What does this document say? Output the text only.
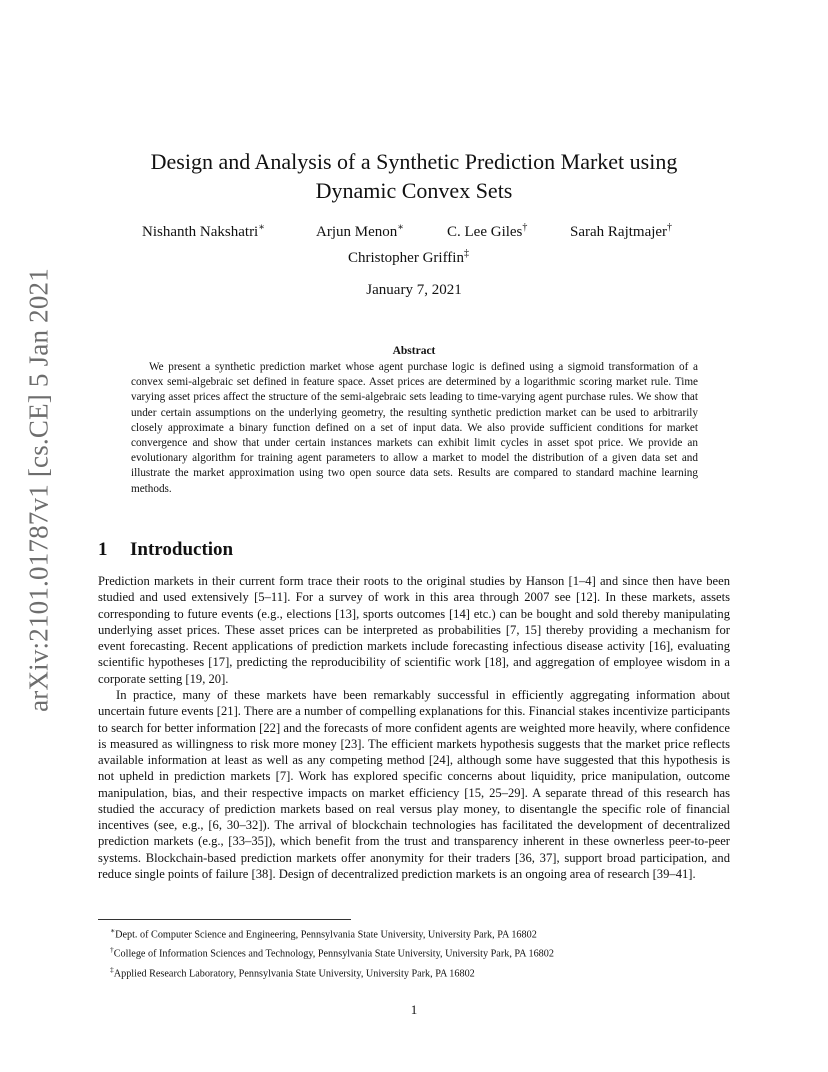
arXiv:2101.01787v1 [cs.CE] 5 Jan 2021
Design and Analysis of a Synthetic Prediction Market using
Dynamic Convex Sets
Nishanth Nakshatri∗	Arjun Menon∗	C. Lee Giles†	Sarah Rajtmajer†
Christopher Griffin‡
January 7, 2021
Abstract

We present a synthetic prediction market whose agent purchase logic is defined using a sigmoid transformation of a convex semi-algebraic set defined in feature space. Asset prices are determined by a logarithmic scoring market rule. Time varying asset prices affect the structure of the semi-algebraic sets leading to time-varying agent purchase rules. We show that under certain assumptions on the underlying geometry, the resulting synthetic prediction market can be used to arbitrarily closely approximate a binary function defined on a set of input data. We also provide sufficient conditions for market convergence and show that under certain instances markets can exhibit limit cycles in asset spot price. We provide an evolutionary algorithm for training agent parameters to allow a market to model the distribution of a given data set and illustrate the market approximation using two open source data sets. Results are compared to standard machine learning methods.

1 Introduction

Prediction markets in their current form trace their roots to the original studies by Hanson [1–4] and since then have been studied and used extensively [5–11]. For a survey of work in this area through 2007 see [12]. In these markets, assets corresponding to future events (e.g., elections [13], sports outcomes [14] etc.) can be bought and sold thereby manipulating underlying asset prices. These asset prices can be interpreted as probabilities [7, 15] thereby providing a mechanism for event forecasting. Recent applications of prediction markets include forecasting infectious disease activity [16], evaluating scientific hypotheses [17], predicting the reproducibility of scientific work [18], and aggregation of employee wisdom in a corporate setting [19, 20].

In practice, many of these markets have been remarkably successful in efficiently aggregating information about uncertain future events [21]. There are a number of compelling explanations for this. Financial stakes incentivize participants to search for better information [22] and the forecasts of more confident agents are weighted more heavily, where confidence is measured as willingness to risk more money [23]. The efficient markets hypothesis suggests that the market price reflects available information at least as well as any competing method [24], although some have suggested that this hypothesis is not upheld in prediction markets [7]. Work has explored specific concerns about liquidity, price manipulation, outcome manipulation, bias, and their respective impacts on market efficiency [15, 25–29]. A separate thread of this research has studied the accuracy of prediction markets based on real versus play money, to disentangle the specific role of financial incentives (see, e.g., [6, 30–32]). The arrival of blockchain technologies has facilitated the development of decentralized prediction markets (e.g., [33–35]), which benefit from the trust and transparency inherent in these ownerless peer-to-peer systems. Blockchain-based prediction markets offer anonymity for their traders [36, 37], support broad participation, and reduce single points of failure [38]. Design of decentralized prediction markets is an ongoing area of research [39–41].

∗Dept. of Computer Science and Engineering, Pennsylvania State University, University Park, PA 16802
†College of Information Sciences and Technology, Pennsylvania State University, University Park, PA 16802
‡Applied Research Laboratory, Pennsylvania State University, University Park, PA 16802
1
